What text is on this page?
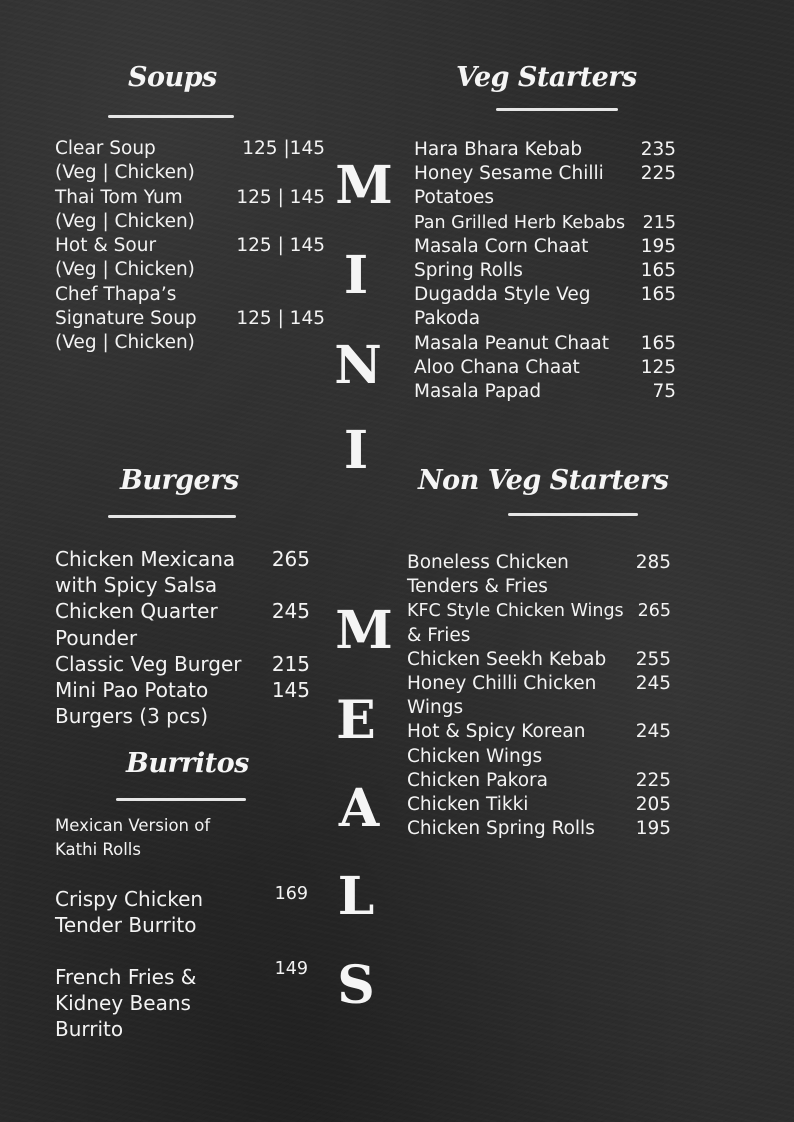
Soups
Clear Soup	125 |145
(Veg | Chicken)
Thai Tom Yum	125 | 145
(Veg | Chicken)
Hot & Sour	125 | 145
(Veg | Chicken)
Chef Thapa’s
Signature Soup	125 | 145
(Veg | Chicken)
Veg Starters
Hara Bhara Kebab	235
Honey Sesame Chilli	225
Potatoes
Pan Grilled Herb Kebabs 215
Masala Corn Chaat	195
Spring Rolls	165
Dugadda Style Veg	165
Pakoda
Masala Peanut Chaat	165
Aloo Chana Chaat	125
Masala Papad	75
Burgers
Chicken Mexicana	265
with Spicy Salsa
Chicken Quarter	245
Pounder
Classic Veg Burger	215
Mini Pao Potato	145
Burgers (3 pcs)
Burritos
Mexican Version of
Kathi Rolls
Crispy Chicken
Tender Burrito
169
French Fries &
Kidney Beans
Burrito
149
Non Veg Starters
Boneless Chicken	285
Tenders & Fries
KFC Style Chicken Wings 265
& Fries
Chicken Seekh Kebab	255
Honey Chilli Chicken	245
Wings
Hot & Spicy Korean	245
Chicken Wings
Chicken Pakora	225
Chicken Tikki	205
Chicken Spring Rolls	195
M
I
N
I
M
E
A
L
S
